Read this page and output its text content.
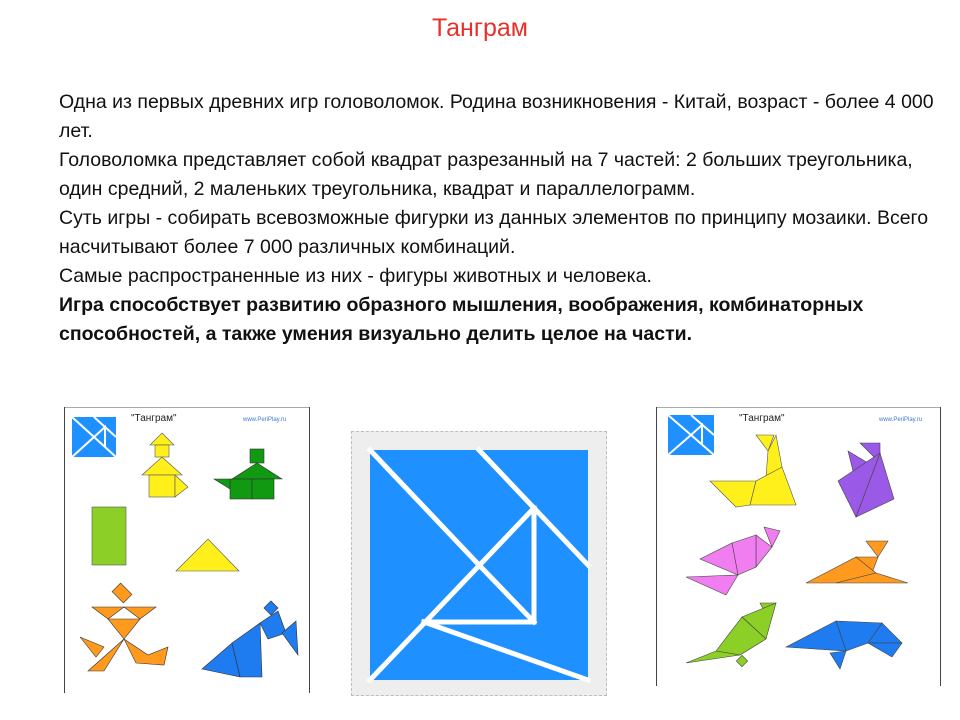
Танграм

Одна из первых древних игр головоломок. Родина возникновения - Китай, возраст - более 4 000 лет.

Головоломка представляет собой квадрат разрезанный на 7 частей: 2 больших треугольника, один средний, 2 маленьких треугольника, квадрат и параллелограмм.

Суть игры - собирать всевозможные фигурки из данных элементов по принципу мозаики. Всего насчитывают более 7 000 различных комбинаций.

Самые распространенные из них - фигуры животных и человека.

Игра способствует развитию образного мышления, воображения, комбинаторных способностей, а также умения визуально делить целое на части.

"Танграм"	www.PeriPlay.ru	"Танграм"	www.PeriPlay.ru
